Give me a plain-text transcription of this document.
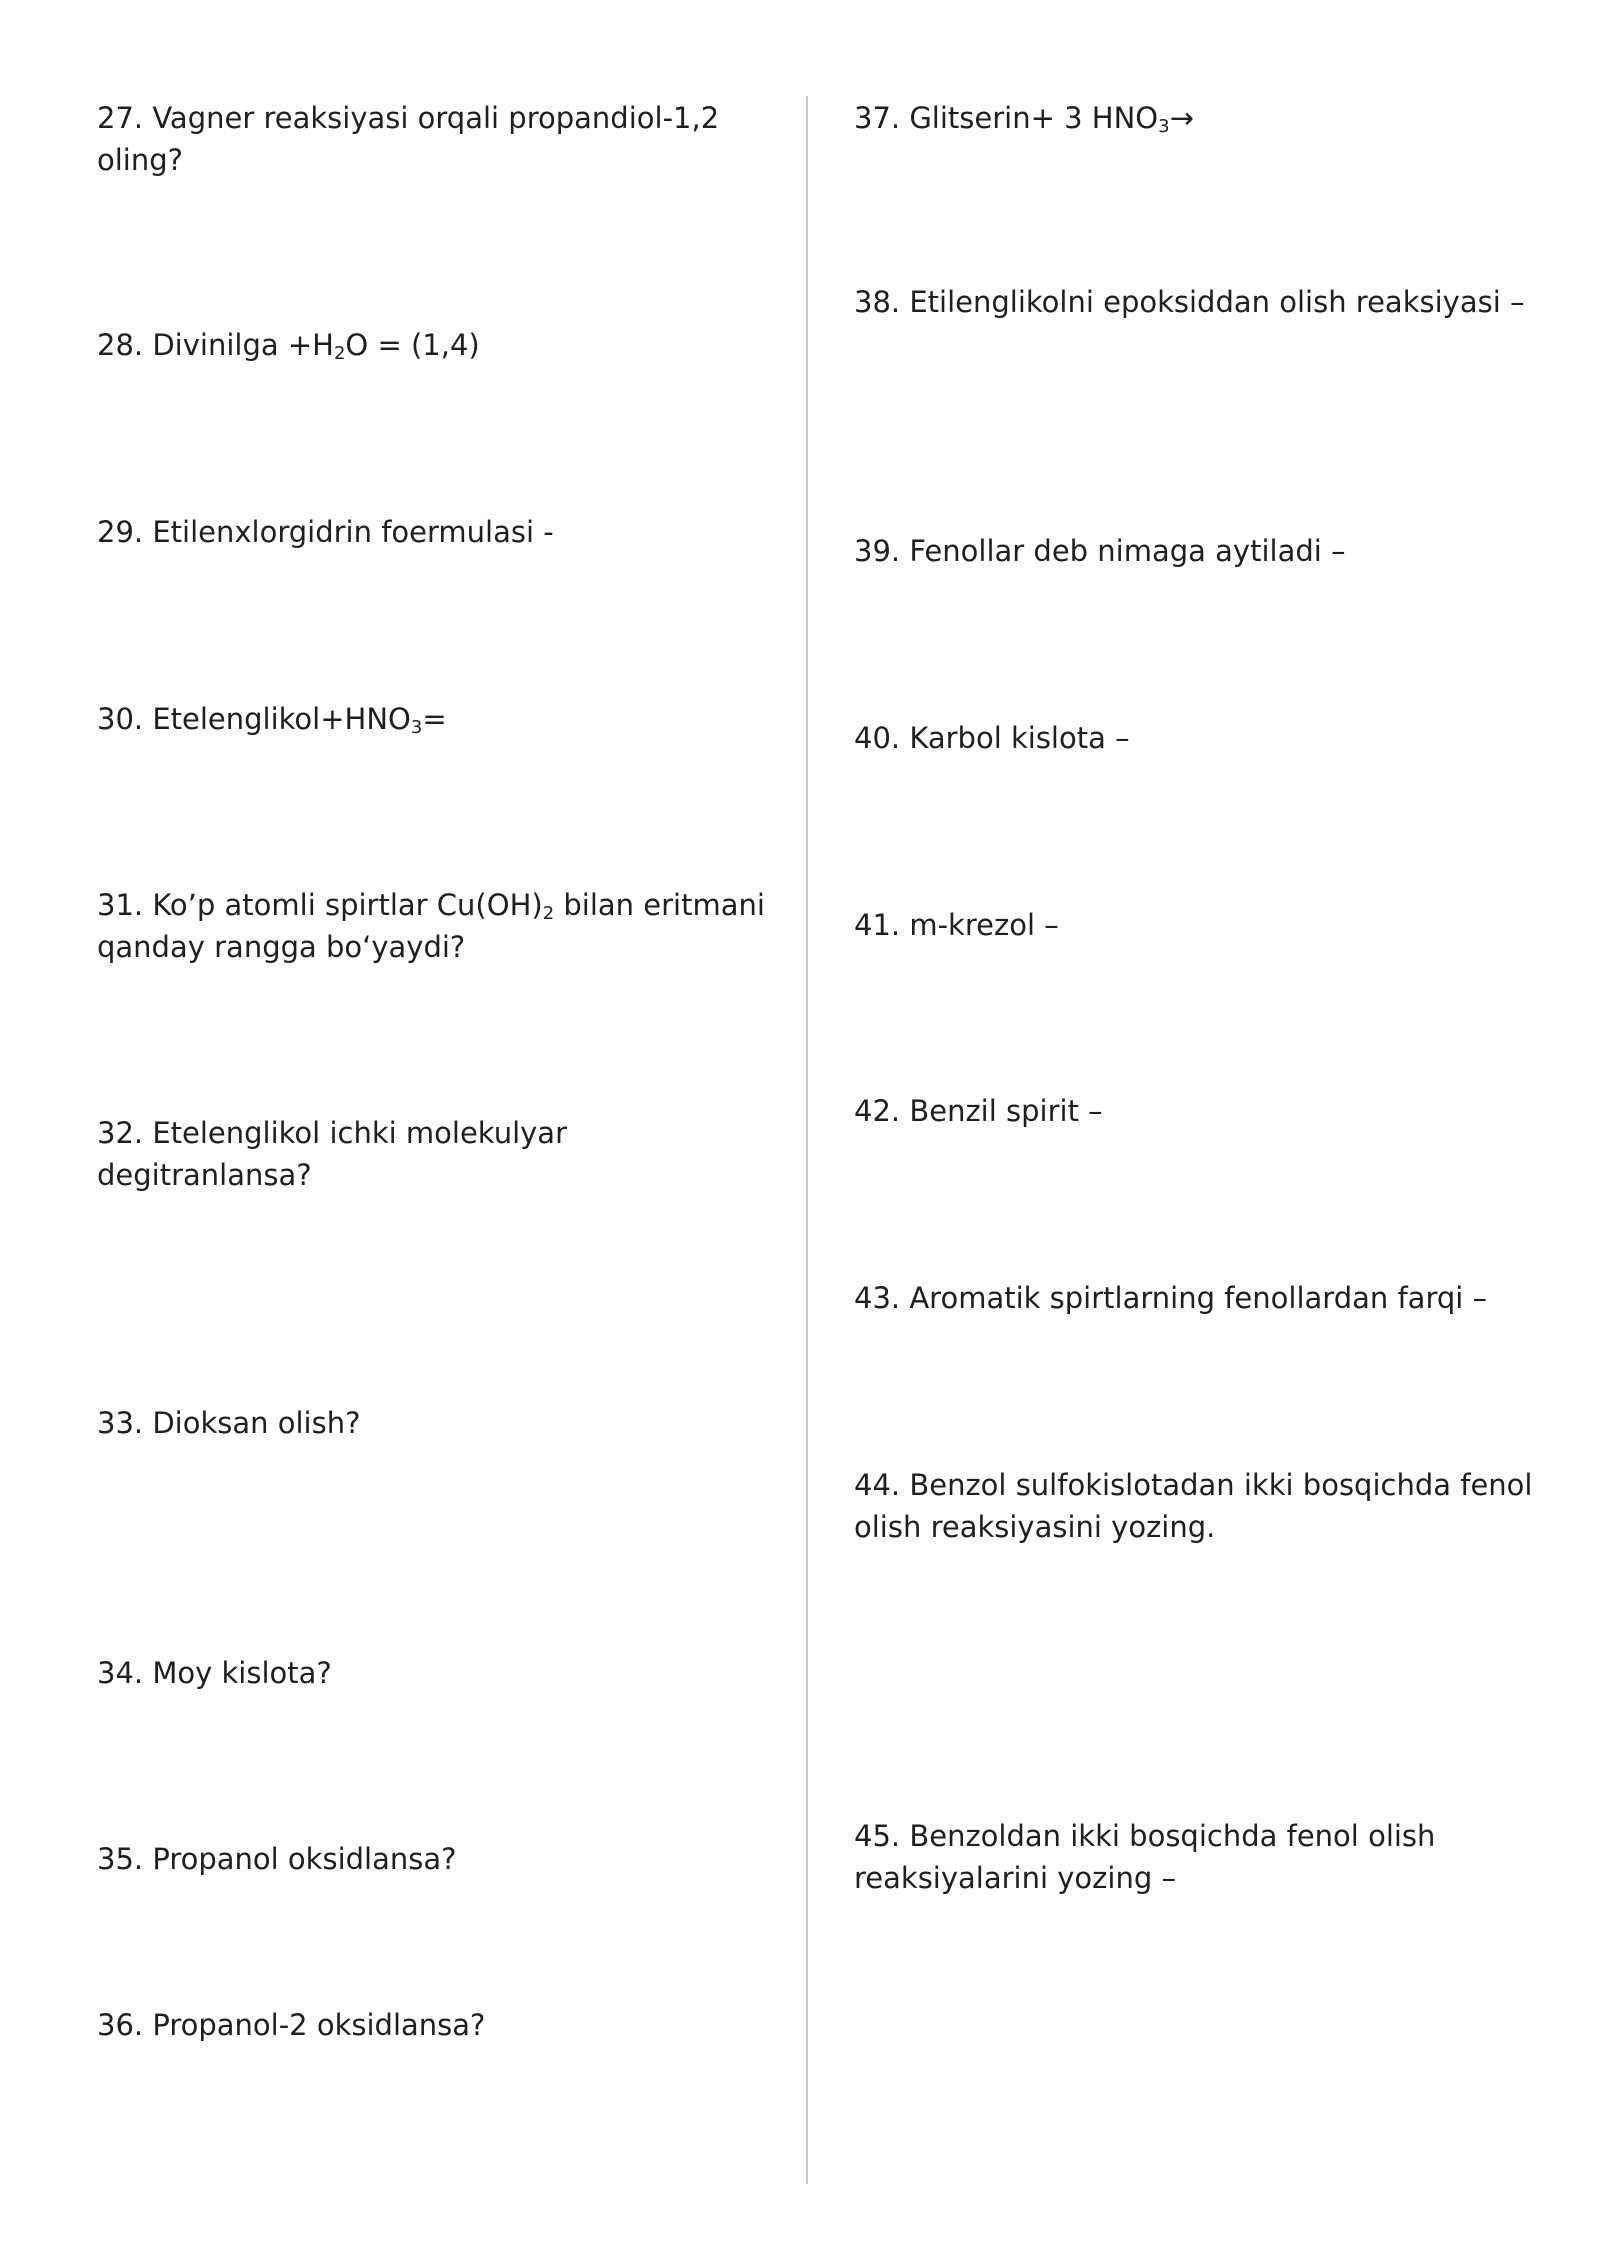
27. Vagner reaksiyasi orqali propandiol-1,2 oling?

28. Divinilga $+H_2O = (1,4)$

29. Etilenxlorgidrin foermulasi -

30. $Etelenglikol+HNO_3=$

31. Ko’p atomli spirtlar $Cu(OH)_2$ bilan eritmani qanday rangga bo‘yaydi?

32. Etelenglikol ichki molekulyar degitranlansa?

33. Dioksan olish?

34. Moy kislota?

35. Propanol oksidlansa?

36. Propanol-2 oksidlansa?

37. Glitserin+ 3 $HNO_3\to$

38. Etilenglikolni epoksiddan olish reaksiyasi –

39. Fenollar deb nimaga aytiladi –

40. Karbol kislota –

41. m-krezol –

42. Benzil spirit –

43. Aromatik spirtlarning fenollardan farqi –

44. Benzol sulfokislotadan ikki bosqichda fenol olish reaksiyasini yozing.

45. Benzoldan ikki bosqichda fenol olish reaksiyalarini yozing –
